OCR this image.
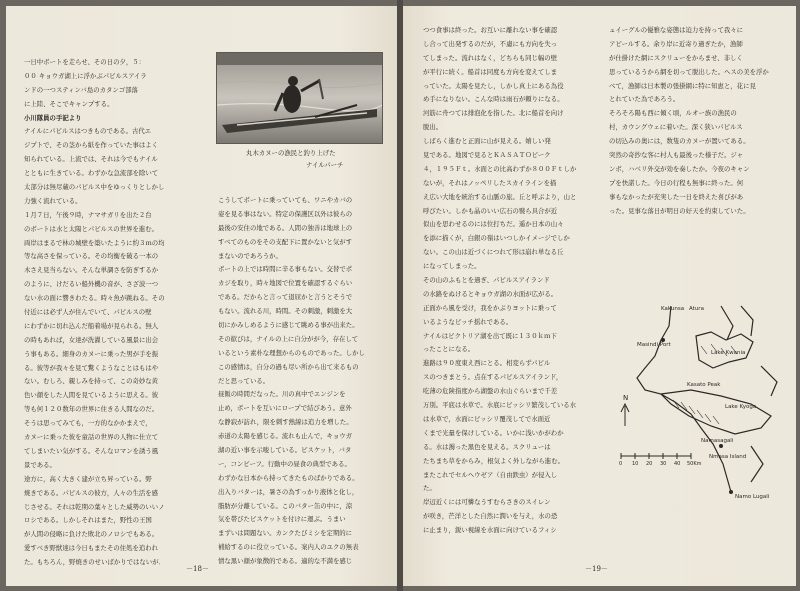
一日中ボートを走らせ、その日の夕，５：
００ キョウガ湖上に浮かぶパピルスアイラ
ンドの一つスティンバ島のカタンゴ部落
に上陸、そこでキャンプする。
小川隊員の手記より
ナイルにパピルスはつきものである。古代エ
ジプトで、その茎から紙を作っていた事はよく
知られている。上流では、それは今でもナイル
とともに生きている。わずかな急流部を除いて
太部分は無尽蔵のパピルス中をゆっくりとしかし
力強く流れている。
１月７日，午後９時，ナマサガリを出た２台
のボートは水と太陽とパピルスの世界を進む。
両岸はまるで林の城壁を築いたように約３ｍの均
等な高さを保っている。その均衡を破る一本の
木さえ見当らない。そんな単調さを防ぎするか
のように、けだるい船外機の音が、さざ波一つ
ない水の面に響きわたる。時々魚が跳ねる。その
付近には必ず人が住んでいて、パピルスの壁
にわずかに切れ込んだ船着場が見られる。無人
の時もあれば，女達が洗濯している風景に出会
う事もある。細身のカヌーに乗った男が手を振
る。彼等が我々を見て驚くようなことはもはや
ない。むしろ、親しみを持って、この奇妙な黄
色い顔をした人間を見ているように思える。彼
等も何１２０数年の世界に住きる人間なのだ。
そうは思ってみても，一方的なかかまえで，
カヌーに乗った彼を童話の世界の人物に仕立て
てしまいたい気がする。そんなロマンを誘う風
景である。
途方に，高く大きく建が立ち昇っている。野
焼きである。パピルスの彼方，人々の生活を感
じさせる。それは乾期の葉々とした威勢のいいノ
ロシである。しかしそれはまた，野性の王国
が人間の侵略に負けた敗北のノロシでもある。
愛すべき野獣達は今日もまたその住処を追われ
た。もちろん，野焼きのせいばかりではないが．
こうしてボートに乗っていても、ワニやカバの
姿を見る事はない。特定の保護区以外は彼らの
最後の安住の地である。人間の独善は地球上の
すべてのものをその支配下に置かないと気がす
まないのであろうか。
ボートの上では時間に辛る事もない。交替でポ
カジを取り，時々地図で位置を確認するぐらい
である。だからと言って退屈かと言うとそうで
もない。流れる川，時間。その刺激，刺激を大
切にかみしめるように感じて眺める事が出来た。
その歓びは，ナイルの上に自分がが今，存在して
いるという素朴な理想からのものであった。しかし
この感情は，自分の過も尽い所から出て来るもの
だと思っている。
昼飯の時間だなった。川の真中でエンジンを
止め，ボートを互いにロープで結びあう。意外
な静寂が訪れ，限を刺す熱線は追力を増した。
赤道の太陽を感じる。流れも止んで，キョウガ
湖の近い事を示唆している。ビスケット，バタ
ー，コンビーフ。行動中の昼食の典型である。
わずかな日本から持ってきたものばかりである。
出入りバターは，暑さの為すっかり液体と化し，
脂肪が分離している。このバター缶の中に，涼
気を帯びたビスケットを付けに運ぶ。うまい
まずいは問題ない。カンクたびミシを定期的に
補給するのに役立っている。案内人のユクの無表
情な黒い顔が象徴的である。適的な不満を感じ
丸木カヌーの漁民と釣り上げた
ナイルパーチ
－18－
つつ食事は終った。お互いに離れない事を確認
し合って出発するのだが，不慮にも方向を失っ
てしまった。流れはなく，どちらも同じ幅の壁
が平行に続く。船首は同度も方向を変えてしま
っていた。太陽を見たし，しかし真上にある為役
め手になりない。こんな時は雨石が頼りになる。
河筋に舟つては排泡化を指した。北に船首を向け
脱出。
しばらく進むと正面に山が見える。嬉しい発
見である。地図で見るとＫＡＳＡＴＯピーク
４，１９５Ｆｔ。水面との比高わずか８００Ｆｔしか
ないが，それはノッペリしたスカイラインを描
え広い大地を統治する山脈の旅。丘と呼ぶより，山と
呼びたい。しかも晶のいい広石の襞ら具合が近
似山を思わせるのには位打ちだ。遥か日本の山々
を添に描くが，白銀の嶺はいつしかイメージでしか
ない。この山は近づくにつれて形は崩れ単なる丘
になってしまった。
その山のふもとを過ぎ、パピルスアイランド
の水路をぬけるとキョウガ湖の水面が広がる。
正面から風を受け，我をかぶりヨットに乗って
いるようなピッチ揺れである。
ナイルはビクトリア湖を出て既に１３０ｋｍ下
ったことになる。
進路は９０度東え西にとる。相変らずパピル
スのつきまとう。点在するパピルスアイランド，
吃薄の危険指度から湖盤の水山ぐらいまで千差
万別。平底は水草で。水底にビッシリ繁茂している水
は水草で，水面にピッシリ覆茂してで水面近
くまで光量を保けしている。いかに浅いかがわか
る。水は濁った黒色を見える。スクリューは
たちまち草をからみ，根気よく外しながら進む。
またこれでセルヘウゼア（自由鉄虫）が侵入し
た。
岸辺近くには可憐なうすむらさきのスイレン
が咲き，芒洋とした自然に潤いを与え，水の恐
に止まり，鋭い視線を水面に向けているフィシ
ュイーグルの優雅な姿態は迫力を持って我々に
アピールする。余り岸に近寄り過ぎたか，漁師
が仕掛けた網にスクリューをからませ、非しく
思っているうから網を切って脱出した。ヘスの美を浮か
べて，漁師は日本製の張掛網に特に知恵と，花に見
とれていた為であろう。
そろそろ陽も西に傾く頃，ルオー族の漁民の
村，カウングウェに着いた。深く狭いパピルス
の切込みの奥には，数隻のカヌーが置いてある。
突然の奇抄な客に村人も最後った様子だ。ジャ
ンボ，ハベリ外交が効を奏したか。今夜のキャン
プを快諾した。今日の行程も無事に終った。何
事もなかったが充実した一日を終えた喜びがあ
った。見事な落日が明日の好天を約束していた。
Kakunsa Atura
Masindi Port
Lake Kwania
Lake Kyoga
Kasato Peak
Namasagali
Nmasa Island
Namo Lugali
N
0 10 20 30 40 50Km
－19－
